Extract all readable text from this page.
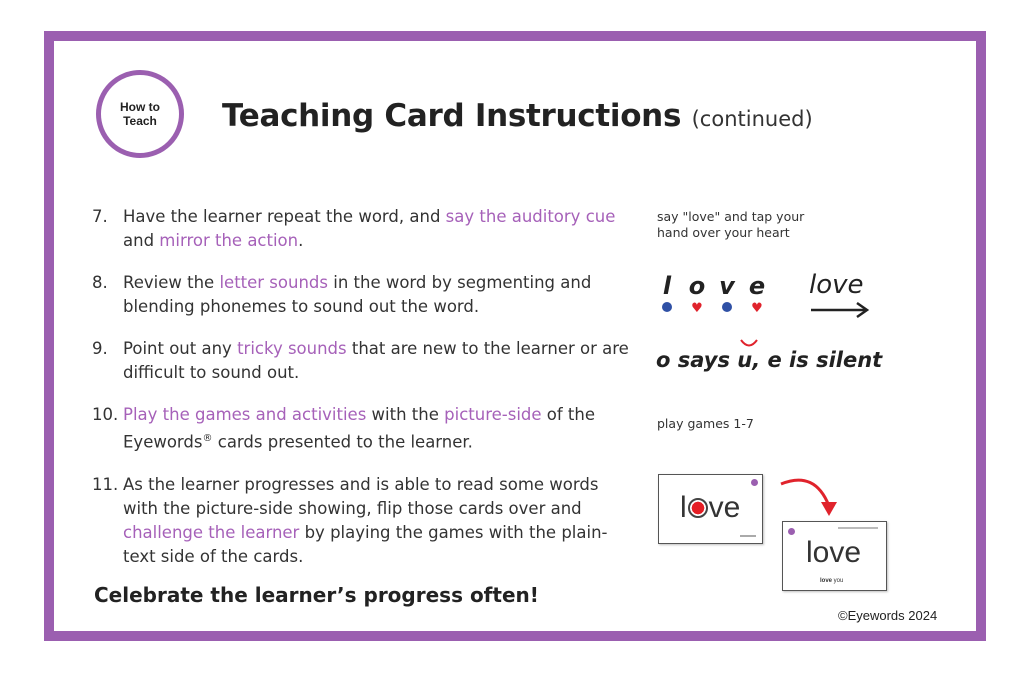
How to
Teach	Teaching Card Instructions (continued)
7. Have the learner repeat the word, and say the auditory cue and mirror the action.
8. Review the letter sounds in the word by segmenting and blending phonemes to sound out the word.
9. Point out any tricky sounds that are new to the learner or are difficult to sound out.
10. Play the games and activities with the picture-side of the Eyewords® cards presented to the learner.
11. As the learner progresses and is able to read some words with the picture-side showing, flip those cards over and challenge the learner by playing the games with the plain-text side of the cards.
Celebrate the learner’s progress often!
say "love" and tap your
hand over your heart
l o
♥
v e
♥
love
o says u, e is silent
play games 1-7
l ve
love
love you
©Eyewords 2024
